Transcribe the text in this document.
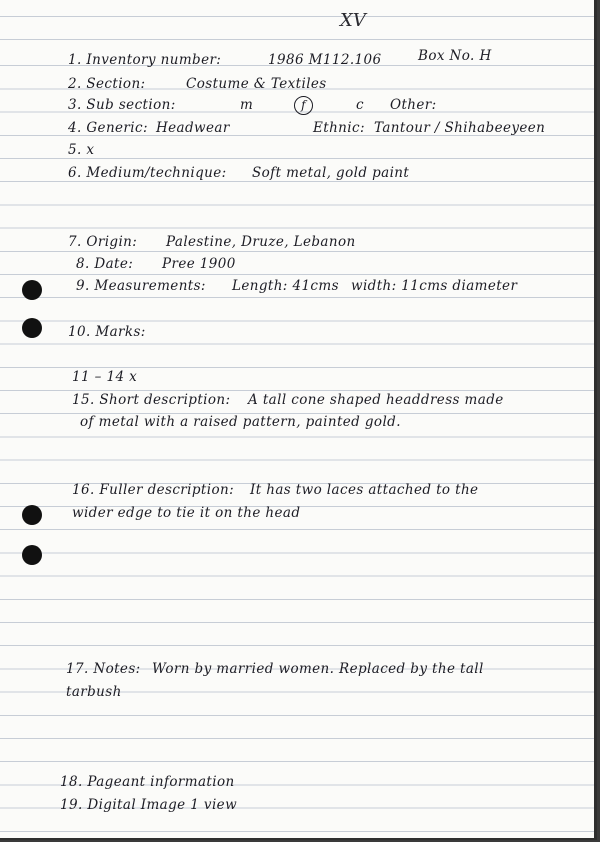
XV
1. Inventory number:	1986 M112.106	Box No. H
2. Section:	Costume & Textiles
3. Sub section:	m	f	c Other:
4. Generic: Headwear	Ethnic: Tantour / Shihabeeyeen
5. x
6. Medium/technique: Soft metal, gold paint
7. Origin: Palestine, Druze, Lebanon
8. Date: Pree 1900
9. Measurements: Length: 41cms width: 11cms diameter
10. Marks:
11 – 14 x
15. Short description: A tall cone shaped headdress made
of metal with a raised pattern, painted gold.
16. Fuller description: It has two laces attached to the
wider edge to tie it on the head
17. Notes: Worn by married women. Replaced by the tall
tarbush
18. Pageant information
19. Digital Image 1 view
